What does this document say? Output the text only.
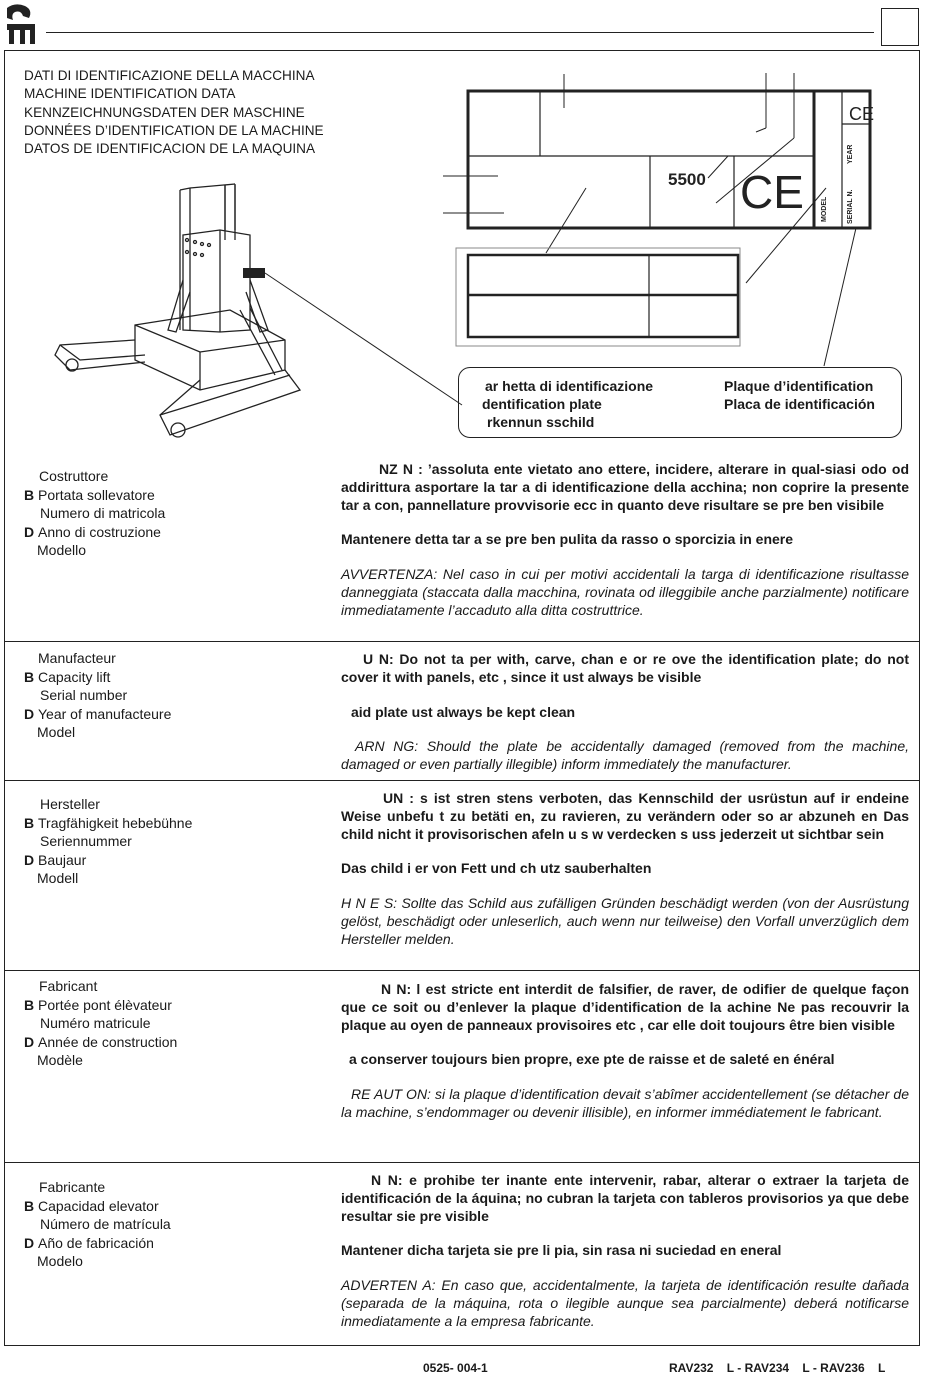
DATI DI IDENTIFICAZIONE DELLA MACCHINA
MACHINE IDENTIFICATION DATA
KENNZEICHNUNGSDATEN DER MASCHINE
DONNÉES D’IDENTIFICATION DE LA MACHINE
DATOS DE IDENTIFICACION DE LA MAQUINA
5500 CE
CE
MODEL	SERIAL N.
YEAR
ar hetta di identificazione
dentification plate
rkennun sschild
Plaque d’identification
Placa de identificación
Costruttore
B Portata sollevatore
Numero di matricola
D Anno di costruzione
Modello

NZ N : ’assoluta ente vietato ano ettere, incidere, alterare in qual-siasi odo od addirittura asportare la tar a di identificazione della acchina; non coprire la presente tar a con, pannellature provvisorie ecc in quanto deve risultare se pre ben visibile

Mantenere detta tar a se pre ben pulita da rasso o sporcizia in enere

AVVERTENZA: Nel caso in cui per motivi accidentali la targa di identificazione risultasse danneggiata (staccata dalla macchina, rovinata od illeggibile anche parzialmente) notificare immediatamente l’accaduto alla ditta costruttrice.

Manufacteur
B Capacity lift
Serial number
D Year of manufacteure
Model

U N: Do not ta per with, carve, chan e or re ove the identification plate; do not cover it with panels, etc , since it ust always be visible

aid plate ust always be kept clean

ARN NG: Should the plate be accidentally damaged (removed from the machine, damaged or even partially illegible) inform immediately the manufacturer.

Hersteller
B Tragfähigkeit hebebühne
Seriennummer
D Baujaur
Modell

UN : s ist stren stens verboten, das Kennschild der usrüstun auf ir endeine Weise unbefu t zu betäti en, zu ravieren, zu verändern oder so ar abzuneh en Das child nicht it provisorischen afeln u s w verdecken s uss jederzeit ut sichtbar sein

Das child i er von Fett und ch utz sauberhalten

H N E S: Sollte das Schild aus zufälligen Gründen beschädigt werden (von der Ausrüstung gelöst, beschädigt oder unleserlich, auch wenn nur teilweise) den Vorfall unverzüglich dem Hersteller melden.

Fabricant
B Portée pont élèvateur
Numéro matricule
D Année de construction
Modèle

N N: l est stricte ent interdit de falsifier, de raver, de odifier de quelque façon que ce soit ou d’enlever la plaque d’identification de la achine Ne pas recouvrir la plaque au oyen de panneaux provisoires etc , car elle doit toujours être bien visible

a conserver toujours bien propre, exe pte de raisse et de saleté en énéral

RE AUT ON: si la plaque d’identification devait s’abîmer accidentellement (se détacher de la machine, s’endommager ou devenir illisible), en informer immédiatement le fabricant.

Fabricante
B Capacidad elevator
Número de matrícula
D Año de fabricación
Modelo

N N: e prohibe ter inante ente intervenir, rabar, alterar o extraer la tarjeta de identificación de la áquina; no cubran la tarjeta con tableros provisorios ya que debe resultar sie pre visible

Mantener dicha tarjeta sie pre li pia, sin rasa ni suciedad en eneral

ADVERTEN A: En caso que, accidentalmente, la tarjeta de identificación resulte dañada (separada de la máquina, rota o ilegible aunque sea parcialmente) deberá notificarse inmediatamente a la empresa fabricante.

0525- 004-1	RAV232    L - RAV234    L - RAV236    L
